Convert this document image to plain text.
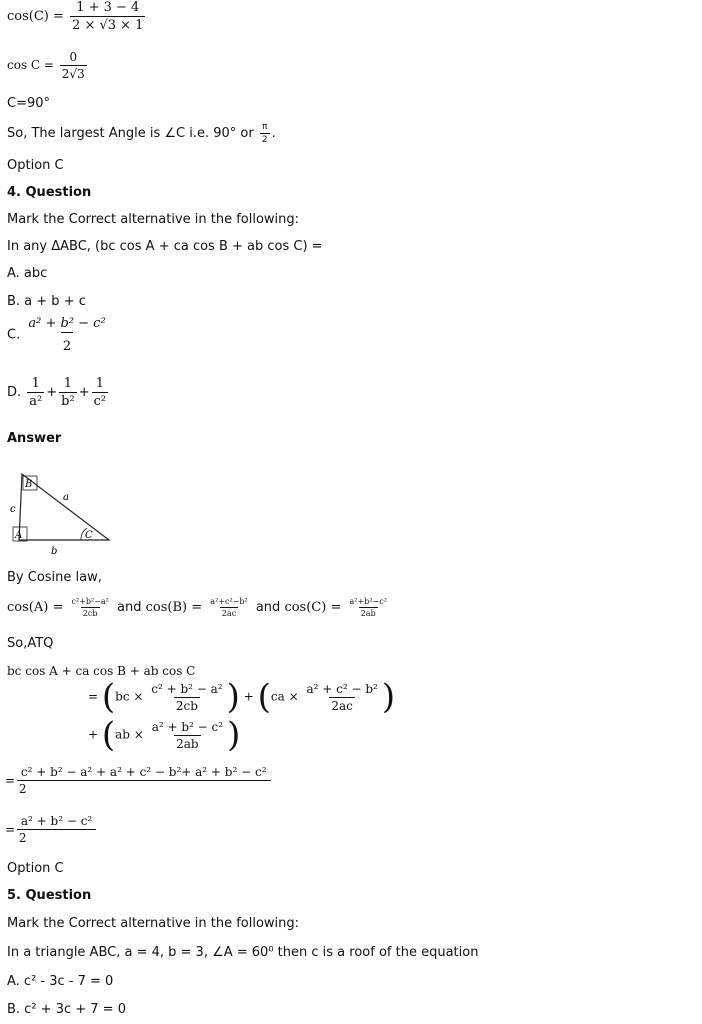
$\cos(C) = \frac{1 + 3 - 4}{2 \times √3 \times 1}$
$\cos C = \frac{0}{2√3}$
C=90°
So, The largest Angle is ∠C i.e. 90° or $\frac{\pi}{2}$ .
Option C
4. Question
Mark the Correct alternative in the following:
In any ΔABC, (bc cos A + ca cos B + ab cos C) =
A. abc
B. a + b + c
C. $\frac{\text{a² + b² − c²}}{2}$
D. $\frac{1}{\text{a²}} + \frac{1}{\text{b²}} + \frac{1}{\text{c²}}$
Answer
B
A	C
a
c
b
By Cosine law,
$\cos(A) = \frac{\text{c²+b²−a²}}{2cb}$ and $\cos(B) = \frac{\text{a²+c²−b²}}{2ac}$ and $\cos(C) = \frac{\text{a²+b²−c²}}{2ab}$
So,ATQ
bc cos A + ca cos B + ab cos C
= ($bc \times \frac{\text{c² + b² − a²}}{2cb}$ ) + ($ca \times \frac{\text{a² + c² − b²}}{2ac}$ )
+ ($ab \times \frac{\text{a² + b² − c²}}{2ab}$ )
= $\frac{\text{c² + b² − a² + a² + c² − b²+ a² + b² − c²}}{2}$
= $\frac{\text{a² + b² − c²}}{2}$
Option C
5. Question
Mark the Correct alternative in the following:
In a triangle ABC, a = 4, b = 3, ∠A = 60⁰ then c is a roof of the equation
A. c² - 3c - 7 = 0
B. c² + 3c + 7 = 0
